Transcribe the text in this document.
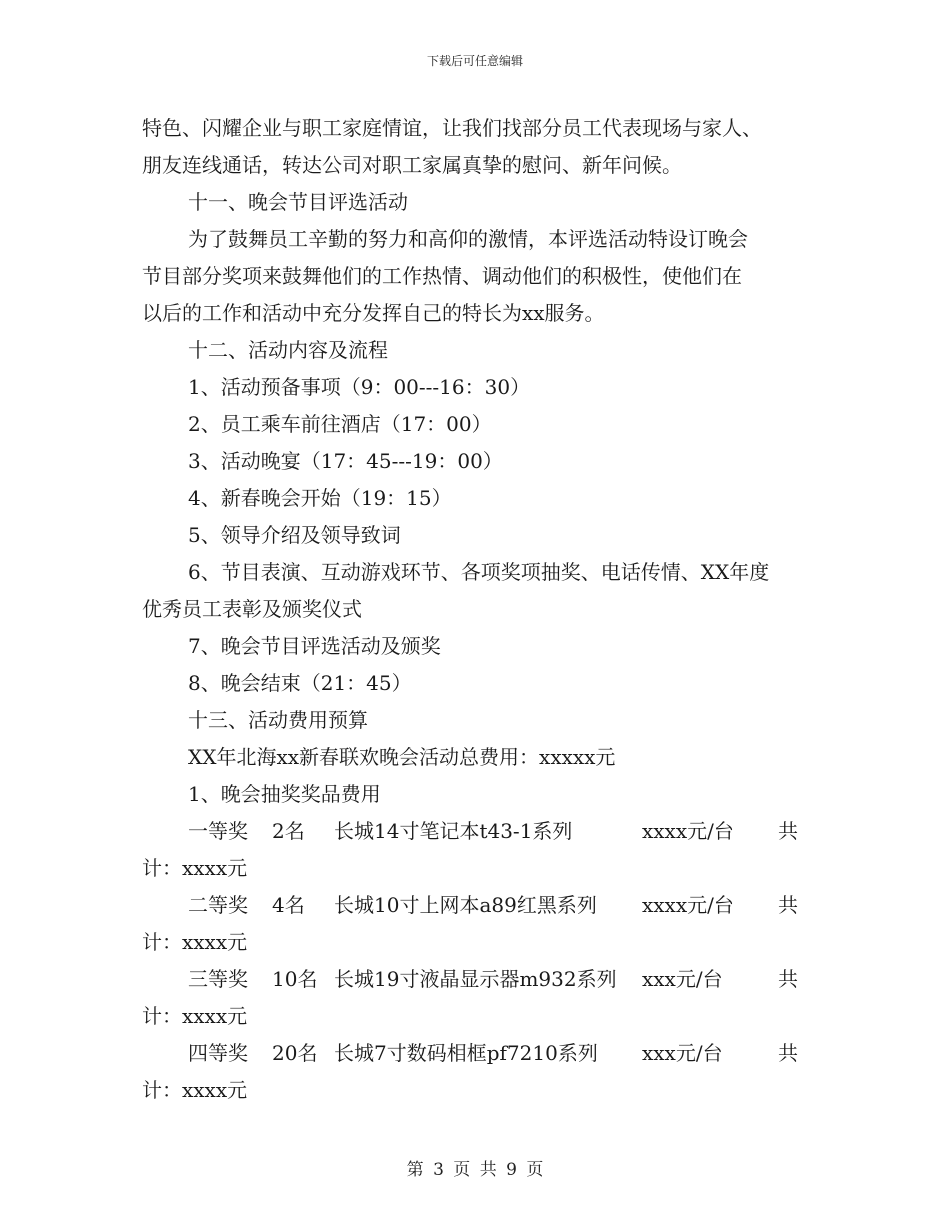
下载后可任意编辑
特色、闪耀企业与职工家庭情谊，让我们找部分员工代表现场与家人、
朋友连线通话，转达公司对职工家属真挚的慰问、新年问候。
十一、晚会节目评选活动
为了鼓舞员工辛勤的努力和高仰的激情，本评选活动特设订晚会
节目部分奖项来鼓舞他们的工作热情、调动他们的积极性，使他们在
以后的工作和活动中充分发挥自己的特长为xx服务。
十二、活动内容及流程
1、活动预备事项（9：00---16：30）
2、员工乘车前往酒店（17：00）
3、活动晚宴（17：45---19：00）
4、新春晚会开始（19：15）
5、领导介绍及领导致词
6、节目表演、互动游戏环节、各项奖项抽奖、电话传情、XX年度
优秀员工表彰及颁奖仪式
7、晚会节目评选活动及颁奖
8、晚会结束（21：45）
十三、活动费用预算
XX年北海xx新春联欢晚会活动总费用：xxxxx元
1、晚会抽奖奖品费用
一等奖 2名 长城14寸笔记本t43-1系列	xxxx元/台 共
计：xxxx元
二等奖 4名 长城10寸上网本a89红黑系列 xxxx元/台 共
计：xxxx元
三等奖 10名 长城19寸液晶显示器m932系列 xxx元/台	共
计：xxxx元
四等奖 20名 长城7寸数码相框pf7210系列 xxx元/台	共
计：xxxx元
第 3 页 共 9 页
